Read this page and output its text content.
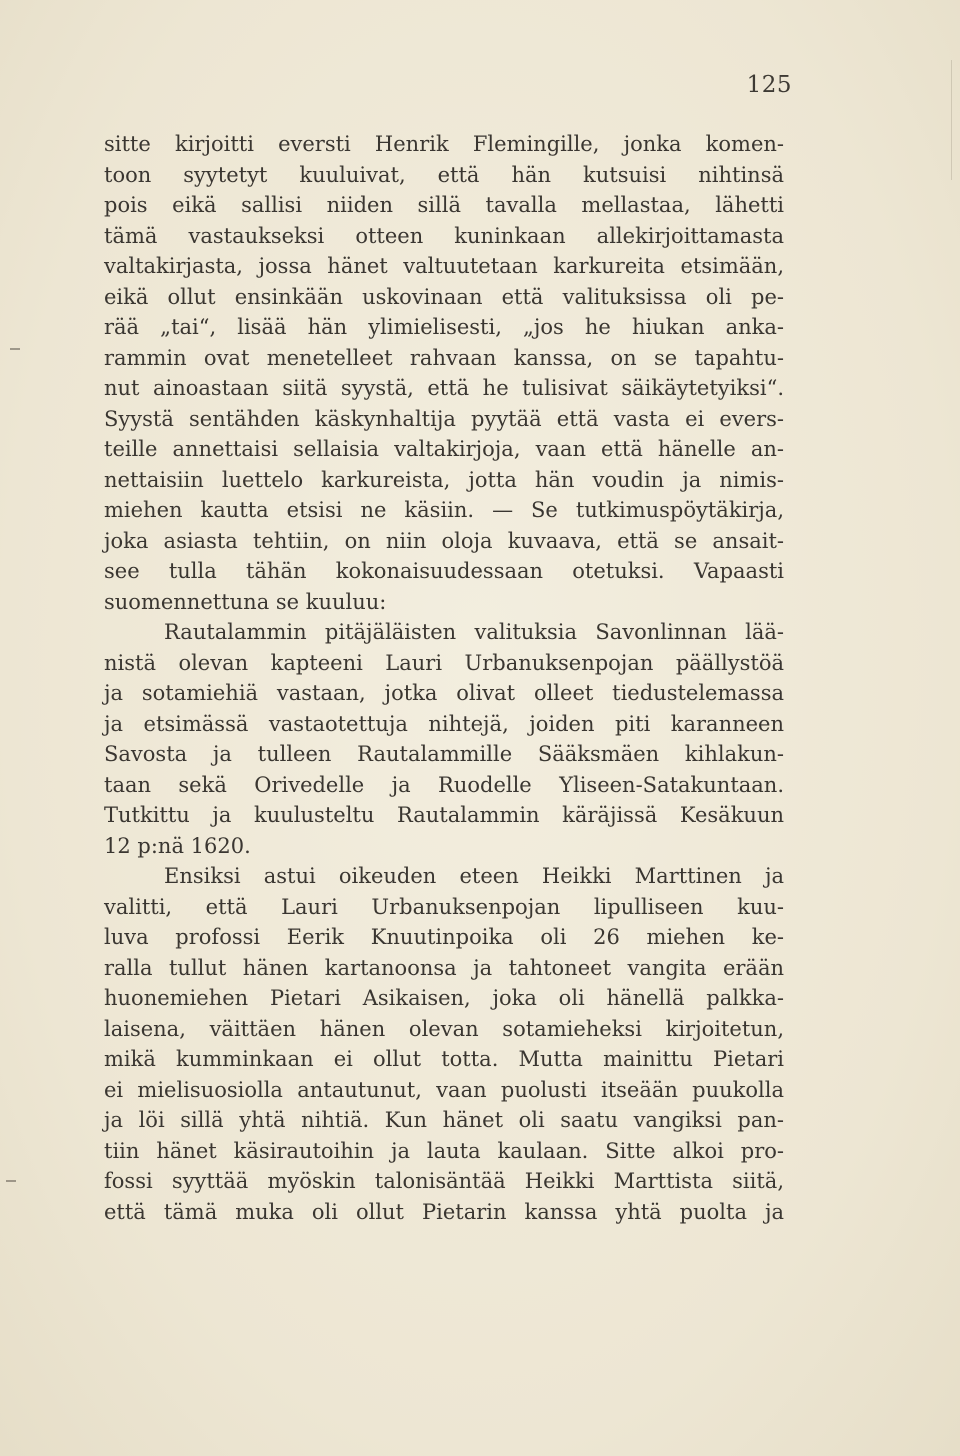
125
sitte kirjoitti eversti Henrik Flemingille, jonka komen-
toon syytetyt kuuluivat, että hän kutsuisi nihtinsä
pois eikä sallisi niiden sillä tavalla mellastaa, lähetti
tämä vastaukseksi otteen kuninkaan allekirjoittamasta
valtakirjasta, jossa hänet valtuutetaan karkureita etsimään,
eikä ollut ensinkään uskovinaan että valituksissa oli pe-
rää „tai“, lisää hän ylimielisesti, „jos he hiukan anka-
rammin ovat menetelleet rahvaan kanssa, on se tapahtu-
nut ainoastaan siitä syystä, että he tulisivat säikäytetyiksi“.
Syystä sentähden käskynhaltija pyytää että vasta ei evers-
teille annettaisi sellaisia valtakirjoja, vaan että hänelle an-
nettaisiin luettelo karkureista, jotta hän voudin ja nimis-
miehen kautta etsisi ne käsiin. — Se tutkimuspöytäkirja,
joka asiasta tehtiin, on niin oloja kuvaava, että se ansait-
see tulla tähän kokonaisuudessaan otetuksi. Vapaasti
suomennettuna se kuuluu:
Rautalammin pitäjäläisten valituksia Savonlinnan lää-
nistä olevan kapteeni Lauri Urbanuksenpojan päällystöä
ja sotamiehiä vastaan, jotka olivat olleet tiedustelemassa
ja etsimässä vastaotettuja nihtejä, joiden piti karanneen
Savosta ja tulleen Rautalammille Sääksmäen kihlakun-
taan sekä Orivedelle ja Ruodelle Yliseen-Satakuntaan.
Tutkittu ja kuulusteltu Rautalammin käräjissä Kesäkuun
12 p:nä 1620.
Ensiksi astui oikeuden eteen Heikki Marttinen ja
valitti, että Lauri Urbanuksenpojan lipulliseen kuu-
luva profossi Eerik Knuutinpoika oli 26 miehen ke-
ralla tullut hänen kartanoonsa ja tahtoneet vangita erään
huonemiehen Pietari Asikaisen, joka oli hänellä palkka-
laisena, väittäen hänen olevan sotamieheksi kirjoitetun,
mikä kumminkaan ei ollut totta. Mutta mainittu Pietari
ei mielisuosiolla antautunut, vaan puolusti itseään puukolla
ja löi sillä yhtä nihtiä. Kun hänet oli saatu vangiksi pan-
tiin hänet käsirautoihin ja lauta kaulaan. Sitte alkoi pro-
fossi syyttää myöskin talonisäntää Heikki Marttista siitä,
että tämä muka oli ollut Pietarin kanssa yhtä puolta ja
